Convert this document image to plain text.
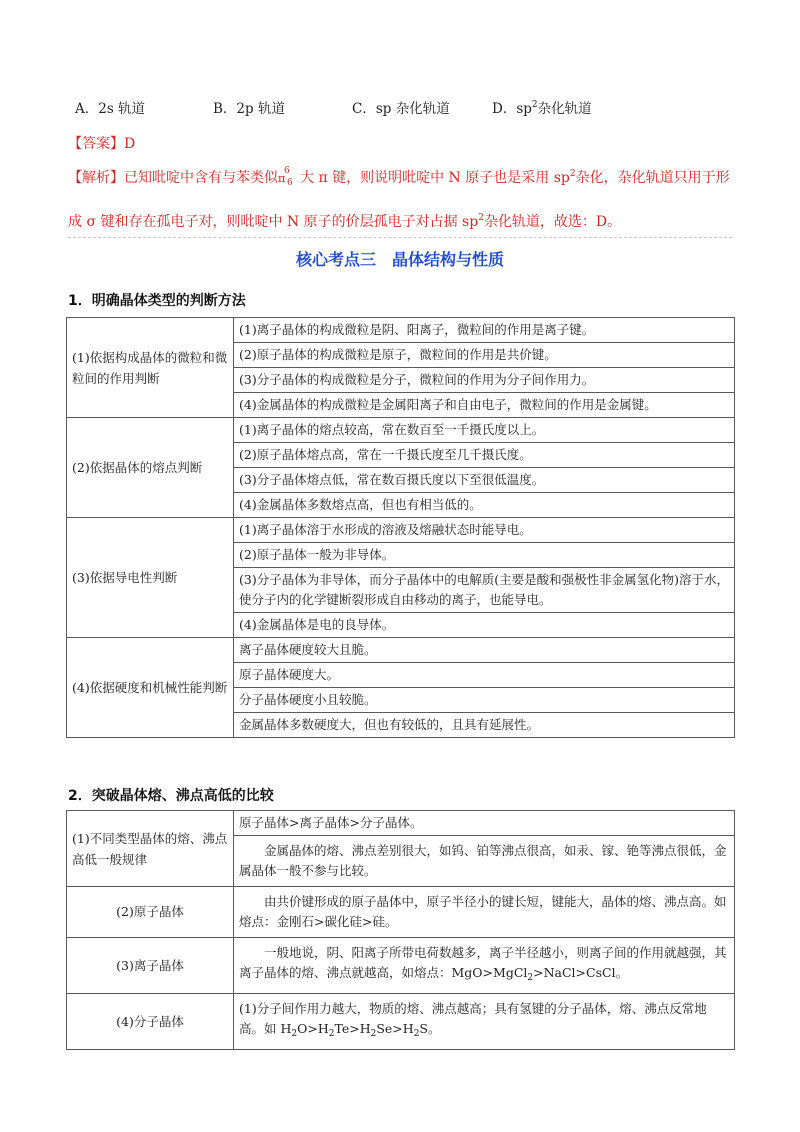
A．2s 轨道	B．2p 轨道	C．sp 杂化轨道	D．$sp^2$杂化轨道
【答案】D
【解析】已知吡啶中含有与苯类似 6
π 6 大 π 键，则说明吡啶中 N 原子也是采用 $sp^2$杂化，杂化轨道只用于形
成 σ 键和存在孤电子对，则吡啶中 N 原子的价层孤电子对占据 $sp^2$杂化轨道，故选：D。
核心考点三　晶体结构与性质
1．明确晶体类型的判断方法
(1)依据构成晶体的微粒和微粒间的作用判断	(1)离子晶体的构成微粒是阴、阳离子，微粒间的作用是离子键。
	(2)原子晶体的构成微粒是原子，微粒间的作用是共价键。
	(3)分子晶体的构成微粒是分子，微粒间的作用为分子间作用力。
	(4)金属晶体的构成微粒是金属阳离子和自由电子，微粒间的作用是金属键。
(2)依据晶体的熔点判断	(1)离子晶体的熔点较高，常在数百至一千摄氏度以上。
	(2)原子晶体熔点高，常在一千摄氏度至几千摄氏度。
	(3)分子晶体熔点低，常在数百摄氏度以下至很低温度。
	(4)金属晶体多数熔点高，但也有相当低的。
(3)依据导电性判断	(1)离子晶体溶于水形成的溶液及熔融状态时能导电。
	(2)原子晶体一般为非导体。
	(3)分子晶体为非导体，而分子晶体中的电解质(主要是酸和强极性非金属氢化物)溶于水，使分子内的化学键断裂形成自由移动的离子，也能导电。
	(4)金属晶体是电的良导体。
(4)依据硬度和机械性能判断	离子晶体硬度较大且脆。
	原子晶体硬度大。
	分子晶体硬度小且较脆。
	金属晶体多数硬度大，但也有较低的，且具有延展性。
2．突破晶体熔、沸点高低的比较
(1)不同类型晶体的熔、沸点高低一般规律	原子晶体>离子晶体>分子晶体。
	金属晶体的熔、沸点差别很大，如钨、铂等沸点很高，如汞、镓、铯等沸点很低，金属晶体一般不参与比较。
(2)原子晶体	由共价键形成的原子晶体中，原子半径小的键长短，键能大，晶体的熔、沸点高。如熔点：金刚石>碳化硅>硅。
(3)离子晶体	一般地说，阴、阳离子所带电荷数越多，离子半径越小，则离子间的作用就越强，其离子晶体的熔、沸点就越高，如熔点：MgO>MgCl$_2$>NaCl>CsCl。
(4)分子晶体	(1)分子间作用力越大，物质的熔、沸点越高；具有氢键的分子晶体，熔、沸点反常地高。如 $H_2O>H_2Te>H_2Se>H_2S$。
